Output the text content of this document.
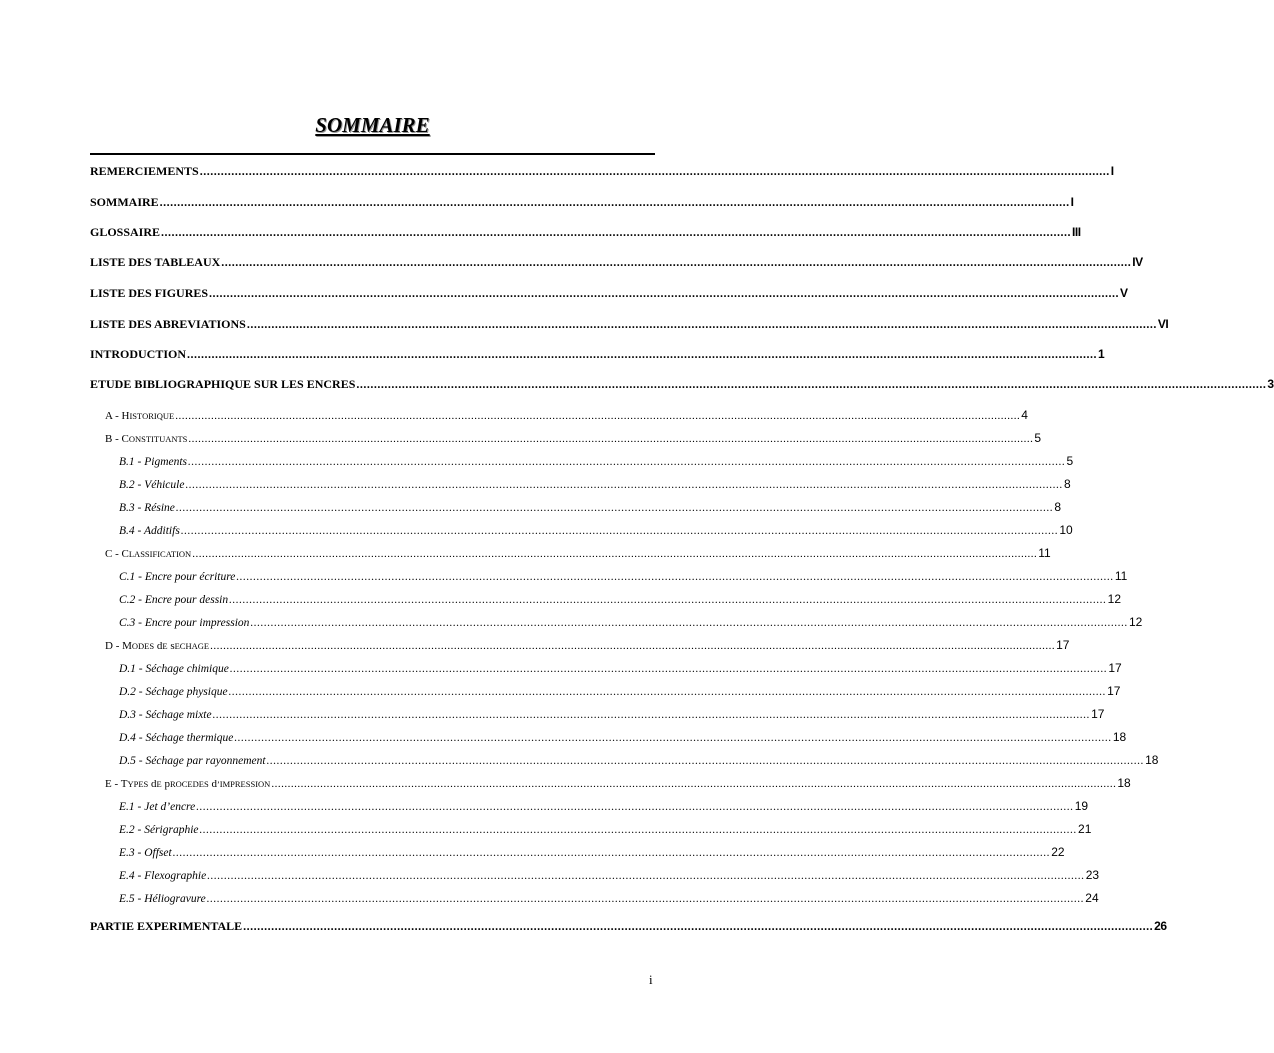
SOMMAIRE
REMERCIEMENTS .................................................................................................................................................................................................................................................................... I
SOMMAIRE .................................................................................................................................................................................................................................................................... I
GLOSSAIRE .................................................................................................................................................................................................................................................................... III
LISTE DES TABLEAUX .................................................................................................................................................................................................................................................................... IV
LISTE DES FIGURES .................................................................................................................................................................................................................................................................... V
LISTE DES ABREVIATIONS .................................................................................................................................................................................................................................................................... VI
INTRODUCTION .................................................................................................................................................................................................................................................................... 1
ETUDE BIBLIOGRAPHIQUE SUR LES ENCRES .................................................................................................................................................................................................................................................................... 3
A - HISTORIQUE .................................................................................................................................................................................................................................................................... 4
B - CONSTITUANTS .................................................................................................................................................................................................................................................................... 5
B.1 - Pigments .................................................................................................................................................................................................................................................................... 5
B.2 - Véhicule .................................................................................................................................................................................................................................................................... 8
B.3 - Résine .................................................................................................................................................................................................................................................................... 8
B.4 - Additifs .................................................................................................................................................................................................................................................................... 10
C - CLASSIFICATION .................................................................................................................................................................................................................................................................... 11
C.1 - Encre pour écriture .................................................................................................................................................................................................................................................................... 11
C.2 - Encre pour dessin .................................................................................................................................................................................................................................................................... 12
C.3 - Encre pour impression .................................................................................................................................................................................................................................................................... 12
D - MODES dE sECHAGE .................................................................................................................................................................................................................................................................... 17
D.1 - Séchage chimique .................................................................................................................................................................................................................................................................... 17
D.2 - Séchage physique .................................................................................................................................................................................................................................................................... 17
D.3 - Séchage mixte .................................................................................................................................................................................................................................................................... 17
D.4 - Séchage thermique .................................................................................................................................................................................................................................................................... 18
D.5 - Séchage par rayonnement .................................................................................................................................................................................................................................................................... 18
E - TYPES dE pROCEDES d’IMPRESSION .................................................................................................................................................................................................................................................................... 18
E.1 - Jet d’encre .................................................................................................................................................................................................................................................................... 19
E.2 - Sérigraphie .................................................................................................................................................................................................................................................................... 21
E.3 - Offset .................................................................................................................................................................................................................................................................... 22
E.4 - Flexographie .................................................................................................................................................................................................................................................................... 23
E.5 - Héliogravure .................................................................................................................................................................................................................................................................... 24
PARTIE EXPERIMENTALE .................................................................................................................................................................................................................................................................... 26
i
